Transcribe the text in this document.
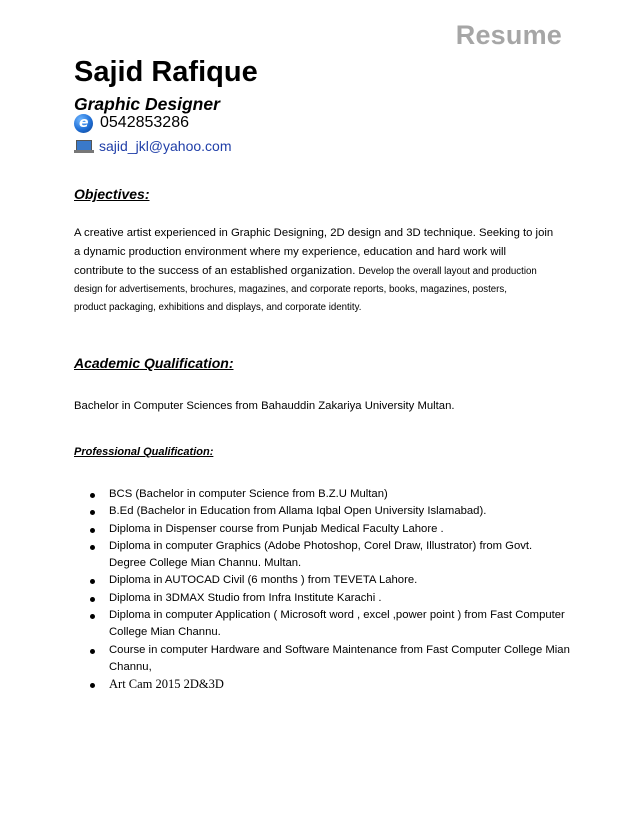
Resume
Sajid Rafique
Graphic Designer
e 0542853286
sajid_jkl@yahoo.com
Objectives:
A creative artist experienced in Graphic Designing, 2D design and 3D technique. Seeking to join
a dynamic production environment where my experience, education and hard work will
contribute to the success of an established organization. Develop the overall layout and production
design for advertisements, brochures, magazines, and corporate reports, books, magazines, posters,
product packaging, exhibitions and displays, and corporate identity.
Academic Qualification:
Bachelor in Computer Sciences from Bahauddin Zakariya University Multan.
Professional Qualification:
BCS (Bachelor in computer Science from B.Z.U Multan)
B.Ed (Bachelor in Education from Allama Iqbal Open University Islamabad).
Diploma in Dispenser course from Punjab Medical Faculty Lahore .
Diploma in computer Graphics (Adobe Photoshop, Corel Draw, Illustrator) from Govt. Degree College Mian Channu. Multan.
Diploma in AUTOCAD Civil (6 months ) from TEVETA Lahore.
Diploma in 3DMAX Studio from Infra Institute Karachi .
Diploma in computer Application ( Microsoft word , excel ,power point ) from Fast Computer College Mian Channu.
Course in computer Hardware and Software Maintenance from Fast Computer College Mian Channu,
Art Cam 2015 2D&3D
